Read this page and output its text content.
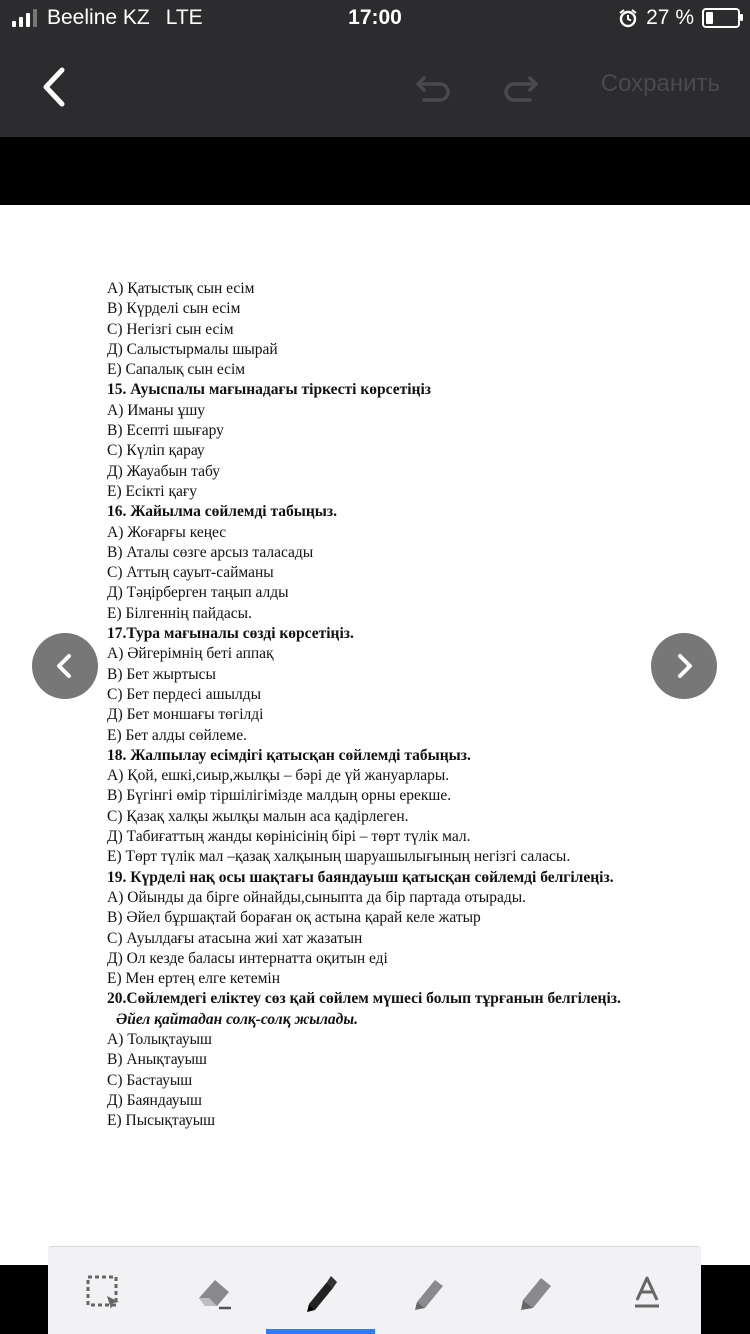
Beeline KZ LTE	17:00	27 %
Сохранить
А) Қатыстық сын есім
В) Күрделі сын есім
С) Негізгі сын есім
Д) Салыстырмалы шырай
Е) Сапалық сын есім
15. Ауыспалы мағынадағы тіркесті көрсетіңіз
А) Иманы ұшу
В) Есепті шығару
С) Күліп қарау
Д) Жауабын табу
Е) Есікті қағу
16. Жайылма сөйлемді табыңыз.
А) Жоғарғы кеңес
В) Аталы сөзге арсыз таласады
С) Аттың сауыт-сайманы
Д) Тәңірберген таңып алды
Е) Білгеннің пайдасы.
17.Тура мағыналы сөзді көрсетіңіз.
А) Әйгерімнің беті аппақ
В) Бет жыртысы
С) Бет пердесі ашылды
Д) Бет моншағы төгілді
Е) Бет алды сөйлеме.
18. Жалпылау есімдігі қатысқан сөйлемді табыңыз.
А) Қой, ешкі,сиыр,жылқы – бәрі де үй жануарлары.
В) Бүгінгі өмір тіршілігімізде малдың орны ерекше.
С) Қазақ халқы жылқы малын аса қадірлеген.
Д) Табиғаттың жанды көрінісінің бірі – төрт түлік мал.
Е) Төрт түлік мал –қазақ халқының шаруашылығының негізгі саласы.
19. Күрделі нақ осы шақтағы баяндауыш қатысқан сөйлемді белгілеңіз.
А) Ойынды да бірге ойнайды,сыныпта да бір партада отырады.
В) Әйел бұршақтай бораған оқ астына қарай келе жатыр
С) Ауылдағы атасына жиі хат жазатын
Д) Ол кезде баласы интернатта оқитын еді
Е) Мен ертең елге кетемін
20.Сөйлемдегі еліктеу сөз қай сөйлем мүшесі болып тұрғанын белгілеңіз.
Әйел қайтадан солқ-солқ жылады.
А) Толықтауыш
В) Анықтауыш
С) Бастауыш
Д) Баяндауыш
Е) Пысықтауыш
